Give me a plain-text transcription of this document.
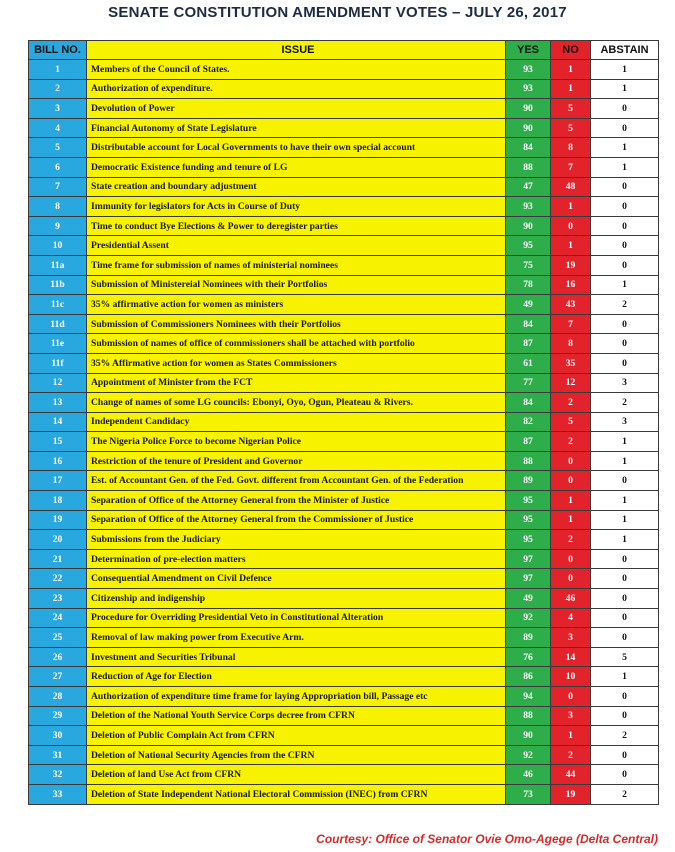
SENATE CONSTITUTION AMENDMENT VOTES – JULY 26, 2017
BILL NO.	ISSUE	YES	NO	ABSTAIN
1	Members of the Council of States.	93	1	1
2	Authorization of expenditure.	93	1	1
3	Devolution of Power	90	5	0
4	Financial Autonomy of State Legislature	90	5	0
5	Distributable account for Local Governments to have their own special account	84	8	1
6	Democratic Existence funding and tenure of LG	88	7	1
7	State creation and boundary adjustment	47	48	0
8	Immunity for legislators for Acts in Course of Duty	93	1	0
9	Time to conduct Bye Elections & Power to deregister parties	90	0	0
10	Presidential Assent	95	1	0
11a	Time frame for submission of names of ministerial nominees	75	19	0
11b	Submission of Ministereial Nominees with their Portfolios	78	16	1
11c	35% affirmative action for women as ministers	49	43	2
11d	Submission of Commissioners Nominees with their Portfolios	84	7	0
11e	Submission of names of office of commissioners shall be attached with portfolio	87	8	0
11f	35% Affirmative action for women as States Commissioners	61	35	0
12	Appointment of Minister from the FCT	77	12	3
13	Change of names of some LG councils: Ebonyi, Oyo, Ogun, Pleateau & Rivers.	84	2	2
14	Independent Candidacy	82	5	3
15	The Nigeria Police Force to become Nigerian Police	87	2	1
16	Restriction of the tenure of President and Governor	88	0	1
17	Est. of Accountant Gen. of the Fed. Govt. different from Accountant Gen. of the Federation	89	0	0
18	Separation of Office of the Attorney General from the Minister of Justice	95	1	1
19	Separation of Office of the Attorney General from the Commissioner of Justice	95	1	1
20	Submissions from the Judiciary	95	2	1
21	Determination of pre-election matters	97	0	0
22	Consequential Amendment on Civil Defence	97	0	0
23	Citizenship and indigenship	49	46	0
24	Procedure for Overriding Presidential Veto in Constitutional Alteration	92	4	0
25	Removal of law making power from Executive Arm.	89	3	0
26	Investment and Securities Tribunal	76	14	5
27	Reduction of Age for Election	86	10	1
28	Authorization of expenditure time frame for laying Appropriation bill, Passage etc	94	0	0
29	Deletion of the National Youth Service Corps decree from CFRN	88	3	0
30	Deletion of Public Complain Act from CFRN	90	1	2
31	Deletion of National Security Agencies from the CFRN	92	2	0
32	Deletion of land Use Act from CFRN	46	44	0
33	Deletion of State Independent National Electoral Commission (INEC) from CFRN	73	19	2
Courtesy: Office of Senator Ovie Omo-Agege (Delta Central)
